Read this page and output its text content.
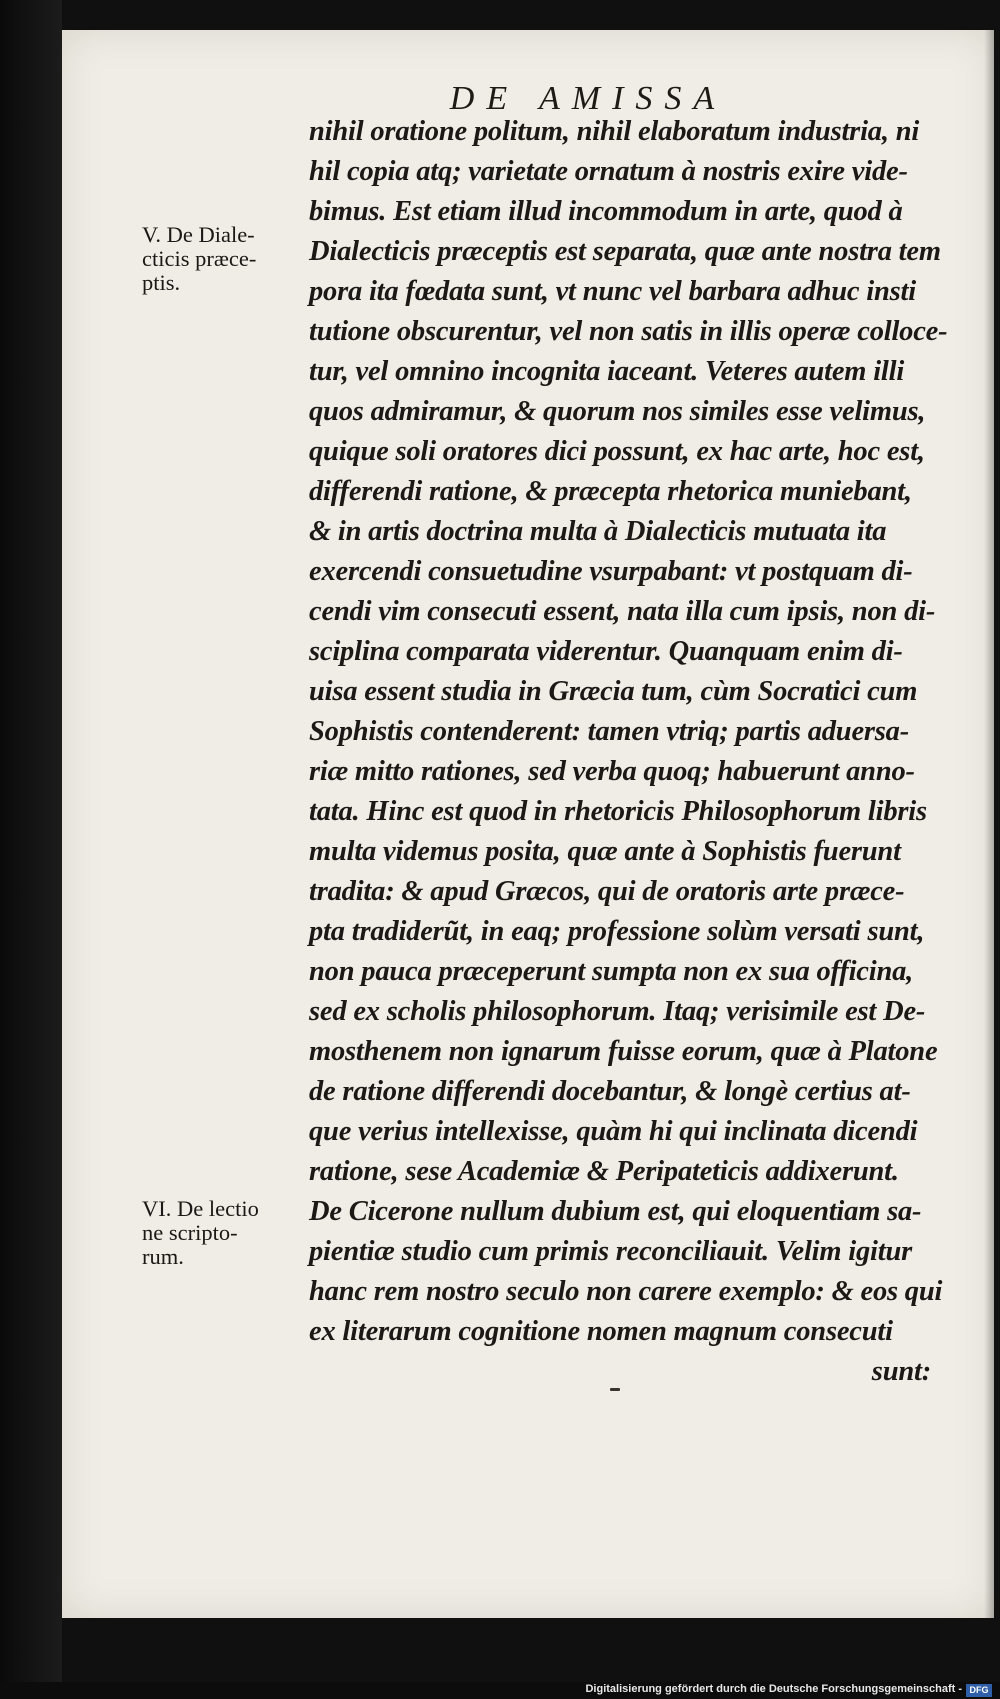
DE AMISSA
V. De Diale-
cticis præce-
ptis.
VI. De lectio
ne scripto-
rum.
nihil oratione politum, nihil elaboratum industria, ni
hil copia atq; varietate ornatum à nostris exire vide-
bimus. Est etiam illud incommodum in arte, quod à
Dialecticis præceptis est separata, quæ ante nostra tem
pora ita fœdata sunt, vt nunc vel barbara adhuc insti
tutione obscurentur, vel non satis in illis operæ colloce-
tur, vel omnino incognita iaceant. Veteres autem illi
quos admiramur, & quorum nos similes esse velimus,
quique soli oratores dici possunt, ex hac arte, hoc est,
differendi ratione, & præcepta rhetorica muniebant,
& in artis doctrina multa à Dialecticis mutuata ita
exercendi consuetudine vsurpabant: vt postquam di-
cendi vim consecuti essent, nata illa cum ipsis, non di-
sciplina comparata viderentur. Quanquam enim di-
uisa essent studia in Græcia tum, cùm Socratici cum
Sophistis contenderent: tamen vtriq; partis aduersa-
riæ mitto rationes, sed verba quoq; habuerunt anno-
tata. Hinc est quod in rhetoricis Philosophorum libris
multa videmus posita, quæ ante à Sophistis fuerunt
tradita: & apud Græcos, qui de oratoris arte præce-
pta tradiderũt, in eaq; professione solùm versati sunt,
non pauca præceperunt sumpta non ex sua officina,
sed ex scholis philosophorum. Itaq; verisimile est De-
mosthenem non ignarum fuisse eorum, quæ à Platone
de ratione differendi docebantur, & longè certius at-
que verius intellexisse, quàm hi qui inclinata dicendi
ratione, sese Academiæ & Peripateticis addixerunt.
De Cicerone nullum dubium est, qui eloquentiam sa-
pientiæ studio cum primis reconciliauit. Velim igitur
hanc rem nostro seculo non carere exemplo: & eos qui
ex literarum cognitione nomen magnum consecuti
sunt:
Digitalisierung gefördert durch die Deutsche Forschungsgemeinschaft - DFG
